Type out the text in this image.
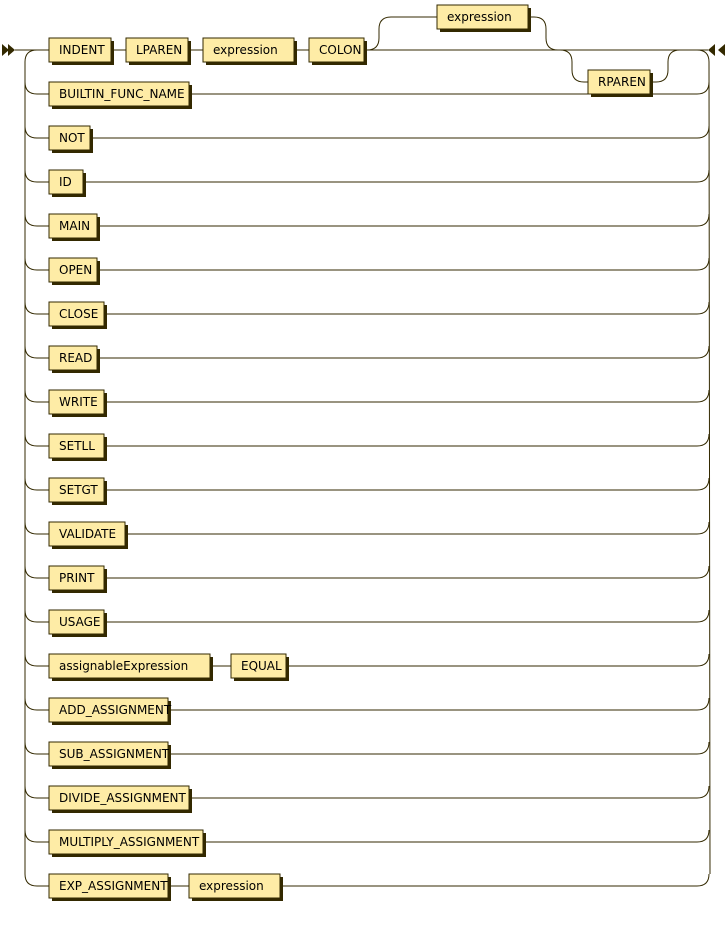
INDENT	LPAREN	expression	COLON
expression
RPAREN
BUILTIN_FUNC_NAME
NOT
ID
MAIN
OPEN
CLOSE
READ
WRITE
SETLL
SETGT
VALIDATE
PRINT
USAGE
assignableExpression	EQUAL
ADD_ASSIGNMENT
SUB_ASSIGNMENT
DIVIDE_ASSIGNMENT
MULTIPLY_ASSIGNMENT
EXP_ASSIGNMENT	expression
